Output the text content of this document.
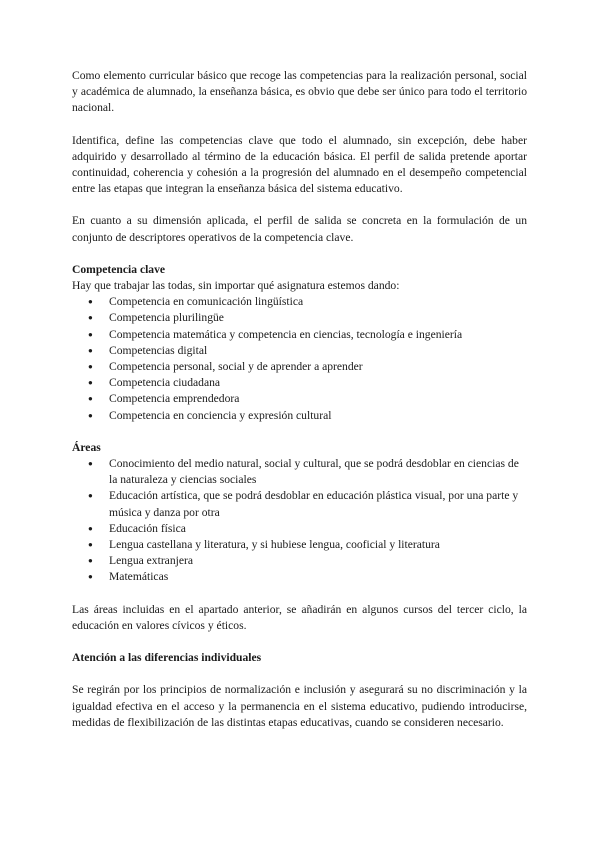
Como elemento curricular básico que recoge las competencias para la realización personal, social y académica de alumnado, la enseñanza básica, es obvio que debe ser único para todo el territorio nacional.

Identifica, define las competencias clave que todo el alumnado, sin excepción, debe haber adquirido y desarrollado al término de la educación básica. El perfil de salida pretende aportar continuidad, coherencia y cohesión a la progresión del alumnado en el desempeño competencial entre las etapas que integran la enseñanza básica del sistema educativo.

En cuanto a su dimensión aplicada, el perfil de salida se concreta en la formulación de un conjunto de descriptores operativos de la competencia clave.

Competencia clave

Hay que trabajar las todas, sin importar qué asignatura estemos dando:

● Competencia en comunicación lingüística
● Competencia plurilingüe
● Competencia matemática y competencia en ciencias, tecnología e ingeniería
● Competencias digital
● Competencia personal, social y de aprender a aprender
● Competencia ciudadana
● Competencia emprendedora
● Competencia en conciencia y expresión cultural
Áreas
● Conocimiento del medio natural, social y cultural, que se podrá desdoblar en ciencias de la naturaleza y ciencias sociales
● Educación artística, que se podrá desdoblar en educación plástica visual, por una parte y música y danza por otra
● Educación física
● Lengua castellana y literatura, y si hubiese lengua, cooficial y literatura
● Lengua extranjera
● Matemáticas

Las áreas incluidas en el apartado anterior, se añadirán en algunos cursos del tercer ciclo, la educación en valores cívicos y éticos.

Atención a las diferencias individuales

Se regirán por los principios de normalización e inclusión y asegurará su no discriminación y la igualdad efectiva en el acceso y la permanencia en el sistema educativo, pudiendo introducirse, medidas de flexibilización de las distintas etapas educativas, cuando se consideren necesario.
